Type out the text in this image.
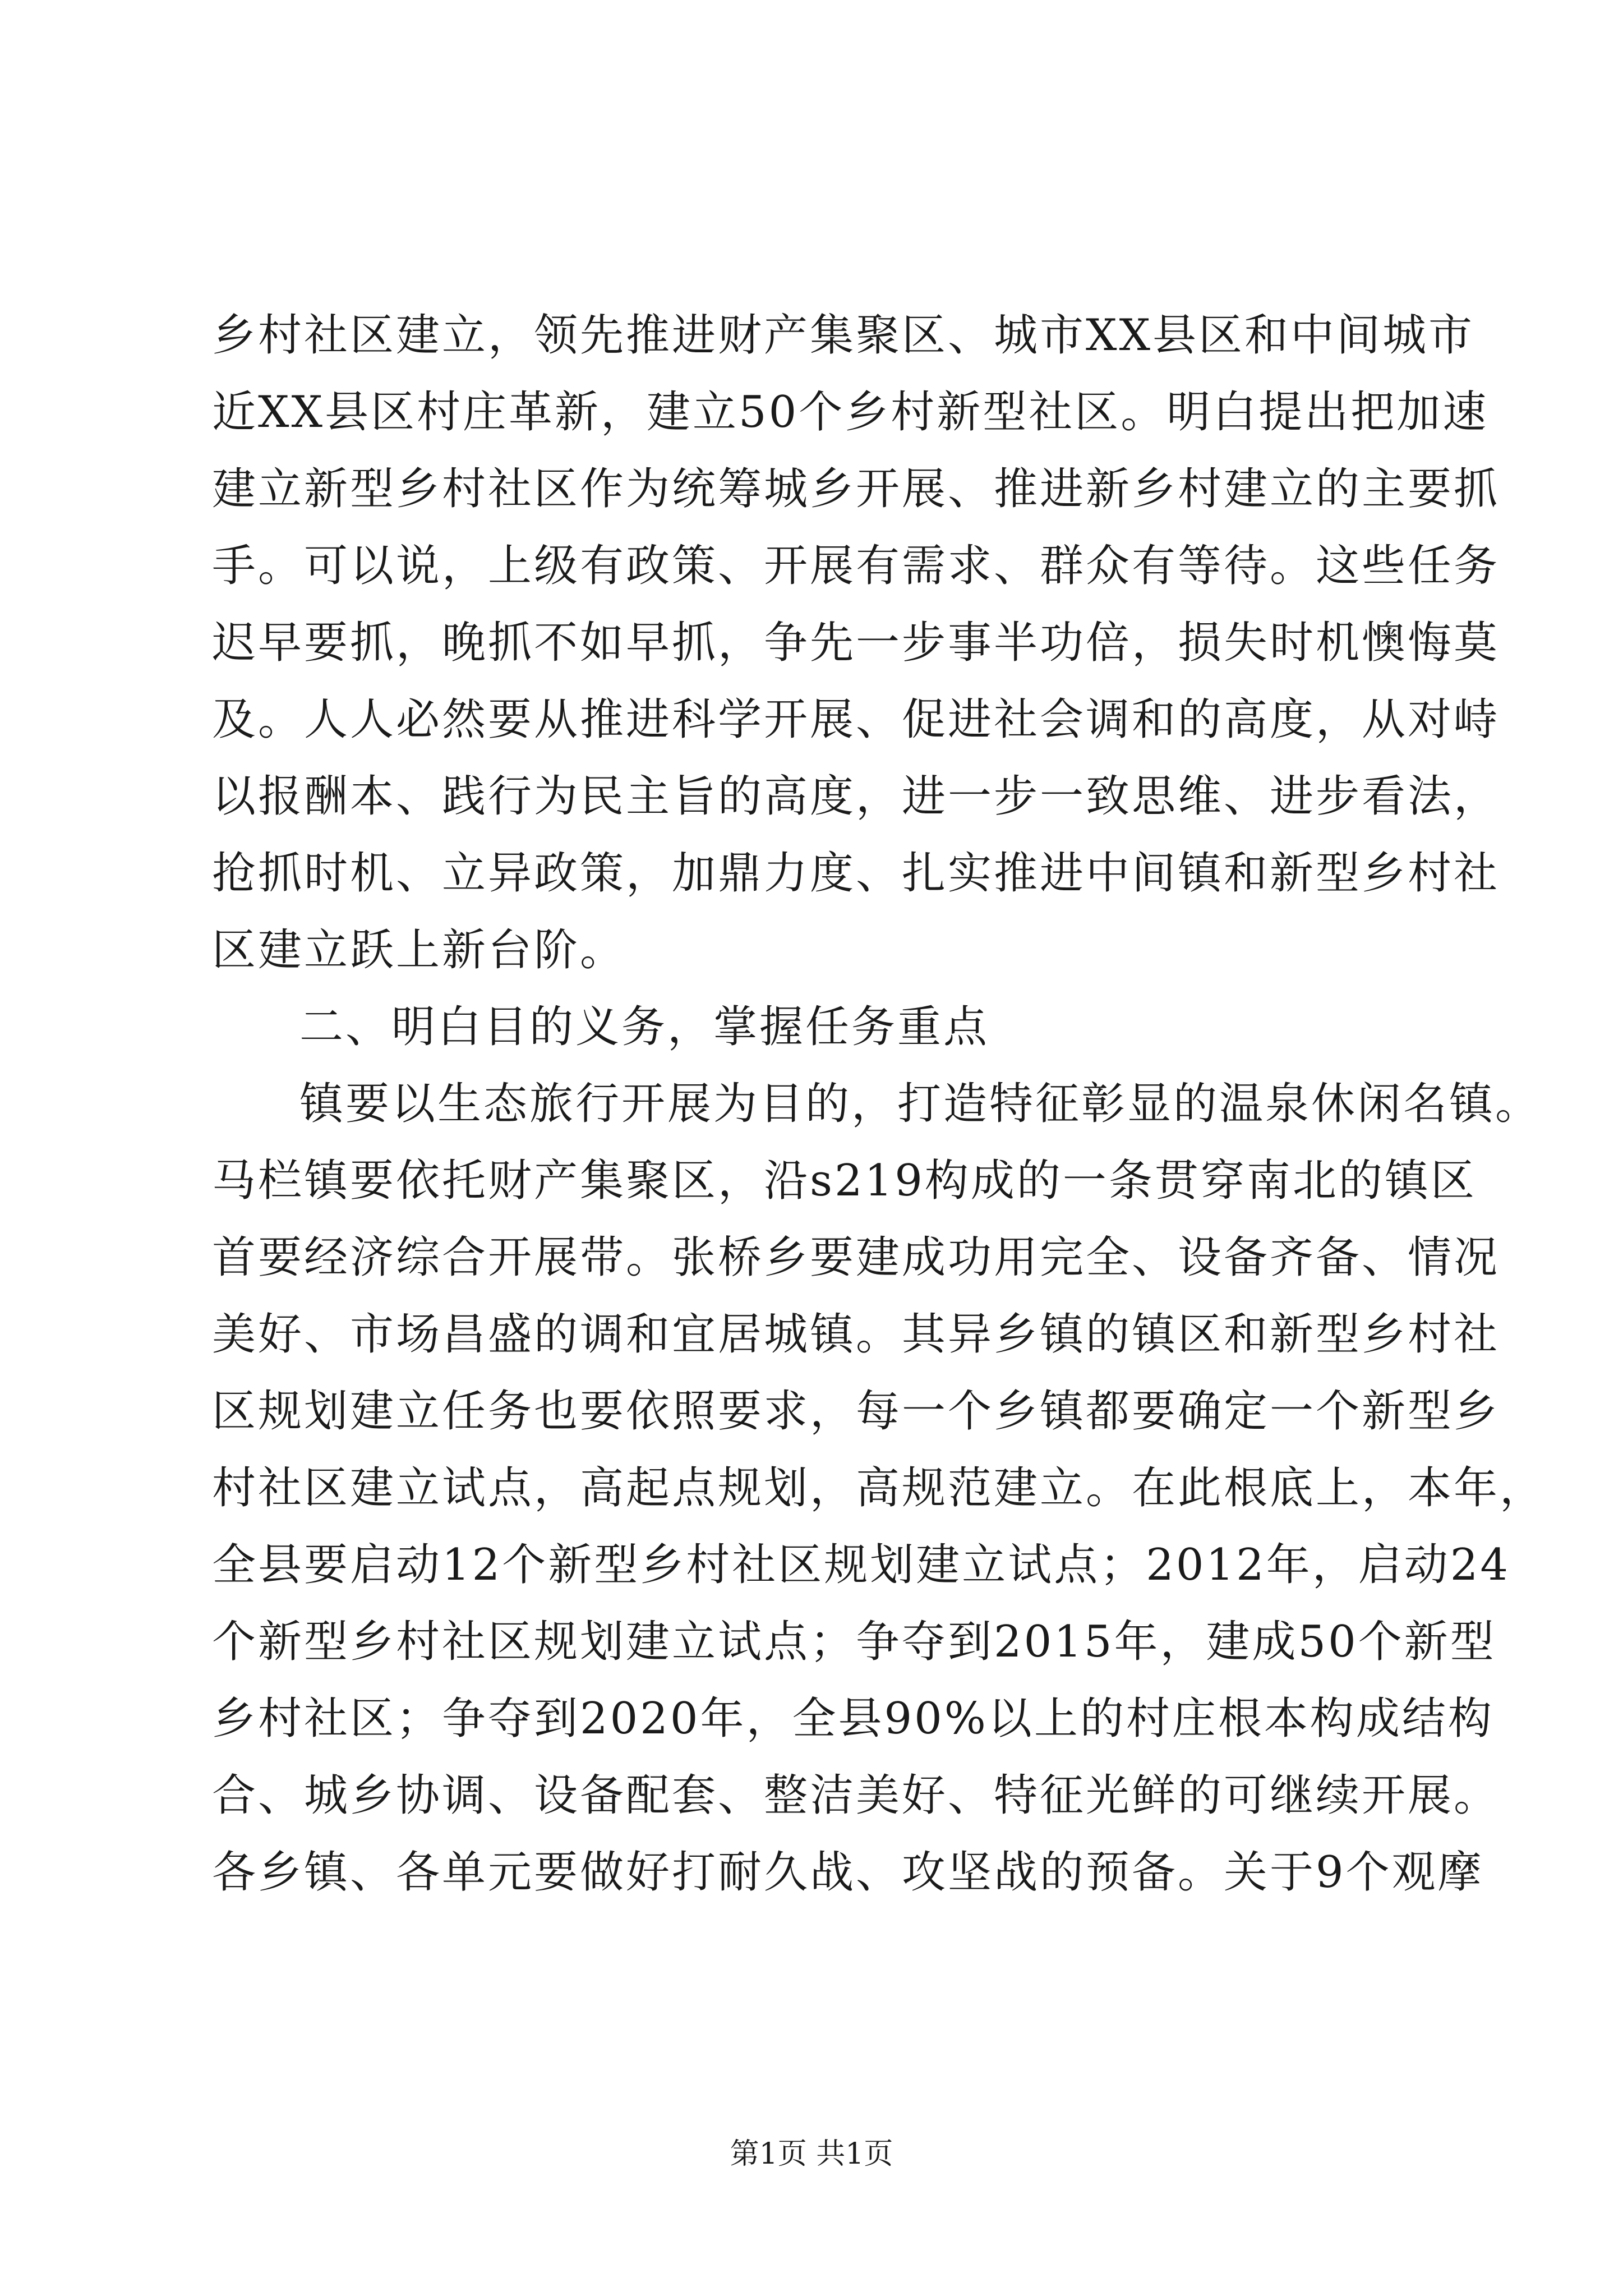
乡村社区建立，领先推进财产集聚区、城市XX县区和中间城市
近XX县区村庄革新，建立50个乡村新型社区。明白提出把加速
建立新型乡村社区作为统筹城乡开展、推进新乡村建立的主要抓
手。可以说，上级有政策、开展有需求、群众有等待。这些任务
迟早要抓，晚抓不如早抓，争先一步事半功倍，损失时机懊悔莫
及。人人必然要从推进科学开展、促进社会调和的高度，从对峙
以报酬本、践行为民主旨的高度，进一步一致思维、进步看法，
抢抓时机、立异政策，加鼎力度、扎实推进中间镇和新型乡村社
区建立跃上新台阶。
二、明白目的义务，掌握任务重点
镇要以生态旅行开展为目的，打造特征彰显的温泉休闲名镇。
马栏镇要依托财产集聚区，沿s219构成的一条贯穿南北的镇区
首要经济综合开展带。张桥乡要建成功用完全、设备齐备、情况
美好、市场昌盛的调和宜居城镇。其异乡镇的镇区和新型乡村社
区规划建立任务也要依照要求，每一个乡镇都要确定一个新型乡
村社区建立试点，高起点规划，高规范建立。在此根底上，本年，
全县要启动12个新型乡村社区规划建立试点；2012年，启动24
个新型乡村社区规划建立试点；争夺到2015年，建成50个新型
乡村社区；争夺到2020年，全县90%以上的村庄根本构成结构
合、城乡协调、设备配套、整洁美好、特征光鲜的可继续开展。
各乡镇、各单元要做好打耐久战、攻坚战的预备。关于9个观摩
第1页 共1页
